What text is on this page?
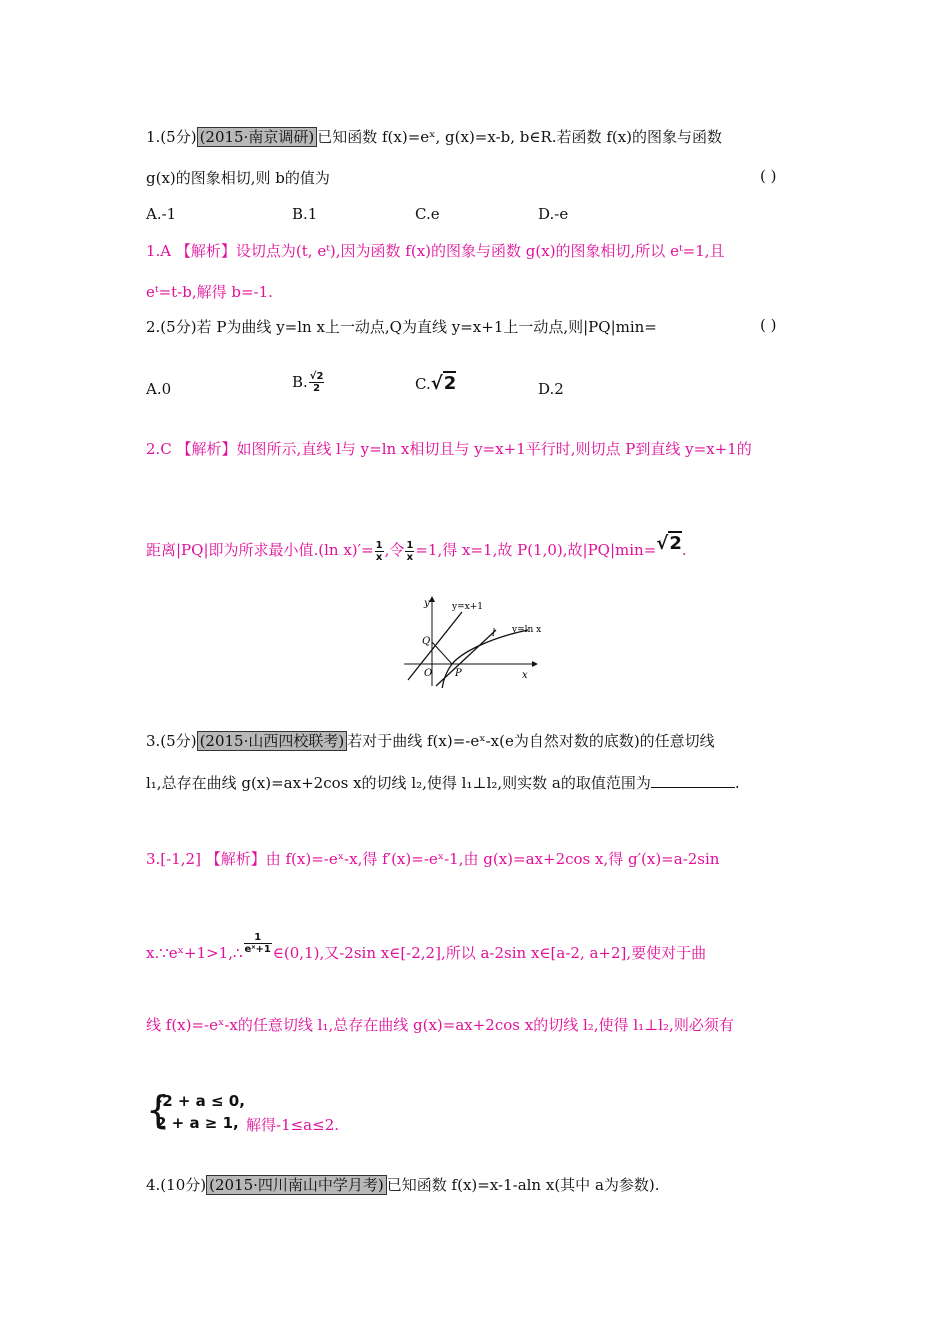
1.(5分) (2015·南京调研) 已知函数 f(x)=eˣ, g(x)=x-b, b∈R.若函数 f(x)的图象与函数
g(x)的图象相切,则 b的值为	( )
A.-1	B.1	C.e	D.-e
1.A 【解析】设切点为(t, eᵗ),因为函数 f(x)的图象与函数 g(x)的图象相切,所以 eᵗ=1,且
eᵗ=t-b,解得 b=-1.
2.(5分)若 P为曲线 y=ln x上一动点,Q为直线 y=x+1上一动点,则|PQ|min=	( )
A.0	B. $\frac{√2}{2}$	C.√2	D.2
2.C 【解析】如图所示,直线 l与 y=ln x相切且与 y=x+1平行时,则切点 P到直线 y=x+1的
距离|PQ|即为所求最小值.(ln $x)'= \frac{1}{x}$ ,令 $\frac{1}{x} =1$,得 x=1,故 P(1,0),故|PQ|min=√2.
y
x
y=x+1
y=ln x
l
Q
O P
3.(5分) (2015·山西四校联考) 若对于曲线 f(x)=-eˣ-x(e为自然对数的底数)的任意切线
l₁,总存在曲线 g(x)=ax+2cos x的切线 l₂,使得 l₁⊥l₂,则实数 a的取值范围为	.
3.[-1,2] 【解析】由 f(x)=-eˣ-x,得 f′(x)=-eˣ-1,由 g(x)=ax+2cos x,得 g′(x)=a-2sin
x.∵eˣ+1>1,∴ $\frac{1}{\text{eˣ+1}}$ ∈(0,1),又-2sin x∈[-2,2],所以 a-2sin x∈[a-2, a+2],要使对于曲
线 f(x)=-eˣ-x的任意切线 l₁,总存在曲线 g(x)=ax+2cos x的切线 l₂,使得 l₁⊥l₂,则必须有
{
-2 + a ≤ 0,
2 + a ≥ 1, 解得-1≤a≤2.
4.(10分) (2015·四川南山中学月考) 已知函数 f(x)=x-1-aln x(其中 a为参数).
